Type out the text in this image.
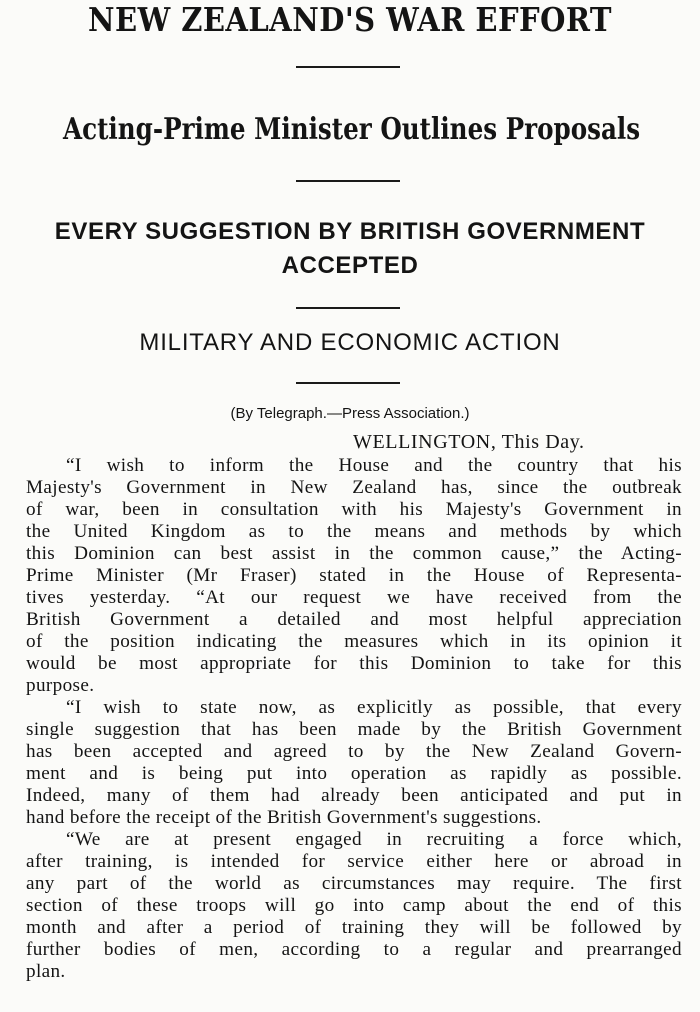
NEW ZEALAND'S WAR EFFORT
Acting-Prime Minister Outlines Proposals
EVERY SUGGESTION BY BRITISH GOVERNMENT
ACCEPTED
MILITARY AND ECONOMIC ACTION
(By Telegraph.—Press Association.)
WELLINGTON, This Day.
“I wish to inform the House and the country that his
Majesty's Government in New Zealand has, since the outbreak
of war, been in consultation with his Majesty's Government in
the United Kingdom as to the means and methods by which
this Dominion can best assist in the common cause,” the Acting-
Prime Minister (Mr Fraser) stated in the House of Representa-
tives yesterday. “At our request we have received from the
British Government a detailed and most helpful appreciation
of the position indicating the measures which in its opinion it
would be most appropriate for this Dominion to take for this
purpose.
“I wish to state now, as explicitly as possible, that every
single suggestion that has been made by the British Government
has been accepted and agreed to by the New Zealand Govern-
ment and is being put into operation as rapidly as possible.
Indeed, many of them had already been anticipated and put in
hand before the receipt of the British Government's suggestions.
“We are at present engaged in recruiting a force which,
after training, is intended for service either here or abroad in
any part of the world as circumstances may require. The first
section of these troops will go into camp about the end of this
month and after a period of training they will be followed by
further bodies of men, according to a regular and prearranged
plan.
